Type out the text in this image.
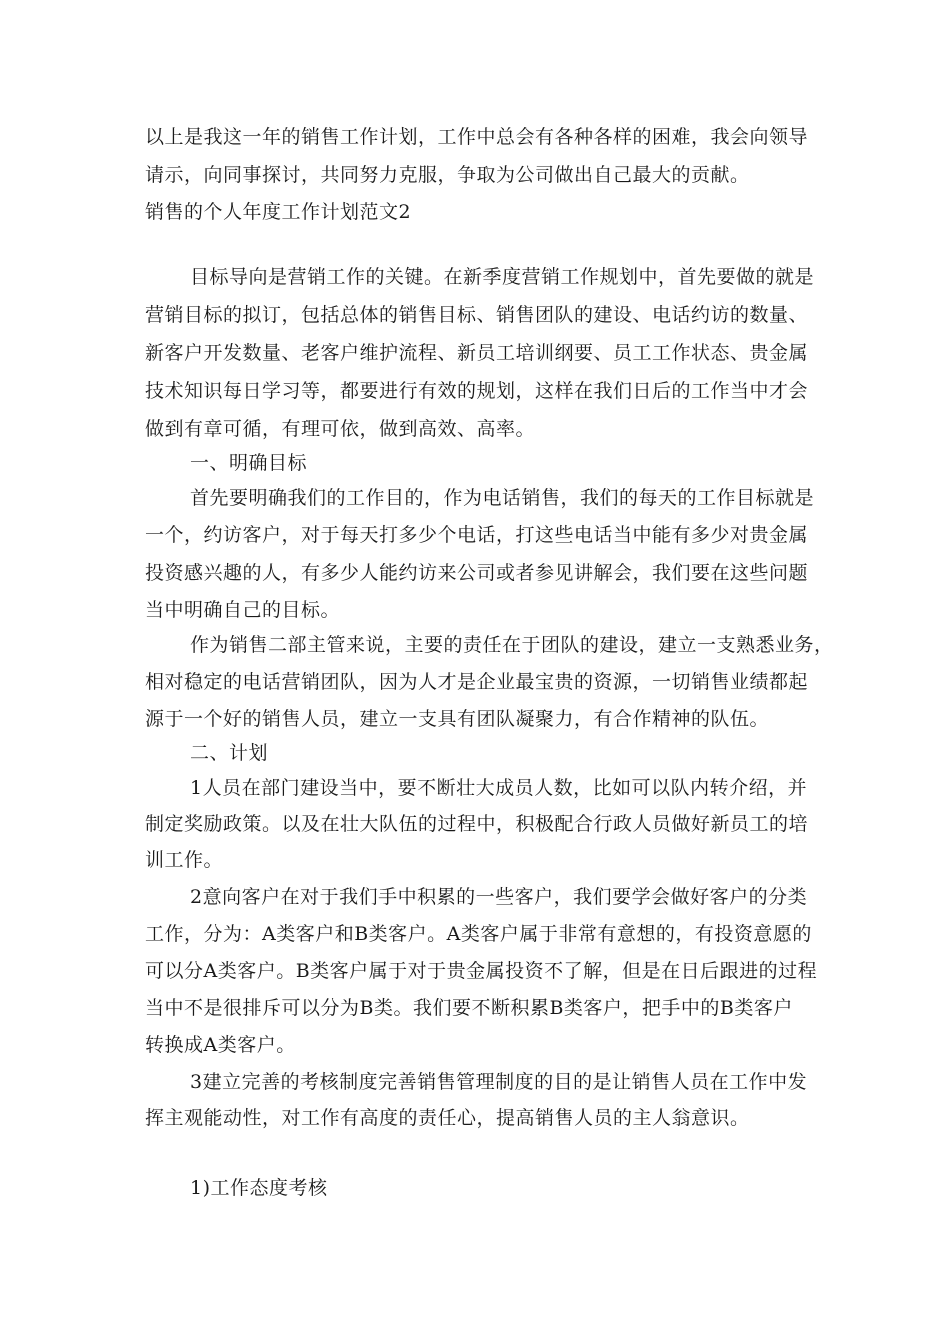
以上是我这一年的销售工作计划，工作中总会有各种各样的困难，我会向领导
请示，向同事探讨，共同努力克服，争取为公司做出自己最大的贡献。
销售的个人年度工作计划范文2
目标导向是营销工作的关键。在新季度营销工作规划中，首先要做的就是
营销目标的拟订，包括总体的销售目标、销售团队的建设、电话约访的数量、
新客户开发数量、老客户维护流程、新员工培训纲要、员工工作状态、贵金属
技术知识每日学习等，都要进行有效的规划，这样在我们日后的工作当中才会
做到有章可循，有理可依，做到高效、高率。
一、明确目标
首先要明确我们的工作目的，作为电话销售，我们的每天的工作目标就是
一个，约访客户，对于每天打多少个电话，打这些电话当中能有多少对贵金属
投资感兴趣的人，有多少人能约访来公司或者参见讲解会，我们要在这些问题
当中明确自己的目标。
作为销售二部主管来说，主要的责任在于团队的建设，建立一支熟悉业务，
相对稳定的电话营销团队，因为人才是企业最宝贵的资源，一切销售业绩都起
源于一个好的销售人员，建立一支具有团队凝聚力，有合作精神的队伍。
二、计划
1人员在部门建设当中，要不断壮大成员人数，比如可以队内转介绍，并
制定奖励政策。以及在壮大队伍的过程中，积极配合行政人员做好新员工的培
训工作。
2意向客户在对于我们手中积累的一些客户，我们要学会做好客户的分类
工作，分为：A类客户和B类客户。A类客户属于非常有意想的，有投资意愿的
可以分A类客户。B类客户属于对于贵金属投资不了解，但是在日后跟进的过程
当中不是很排斥可以分为B类。我们要不断积累B类客户，把手中的B类客户
转换成A类客户。
3建立完善的考核制度完善销售管理制度的目的是让销售人员在工作中发
挥主观能动性，对工作有高度的责任心，提高销售人员的主人翁意识。
1)工作态度考核
